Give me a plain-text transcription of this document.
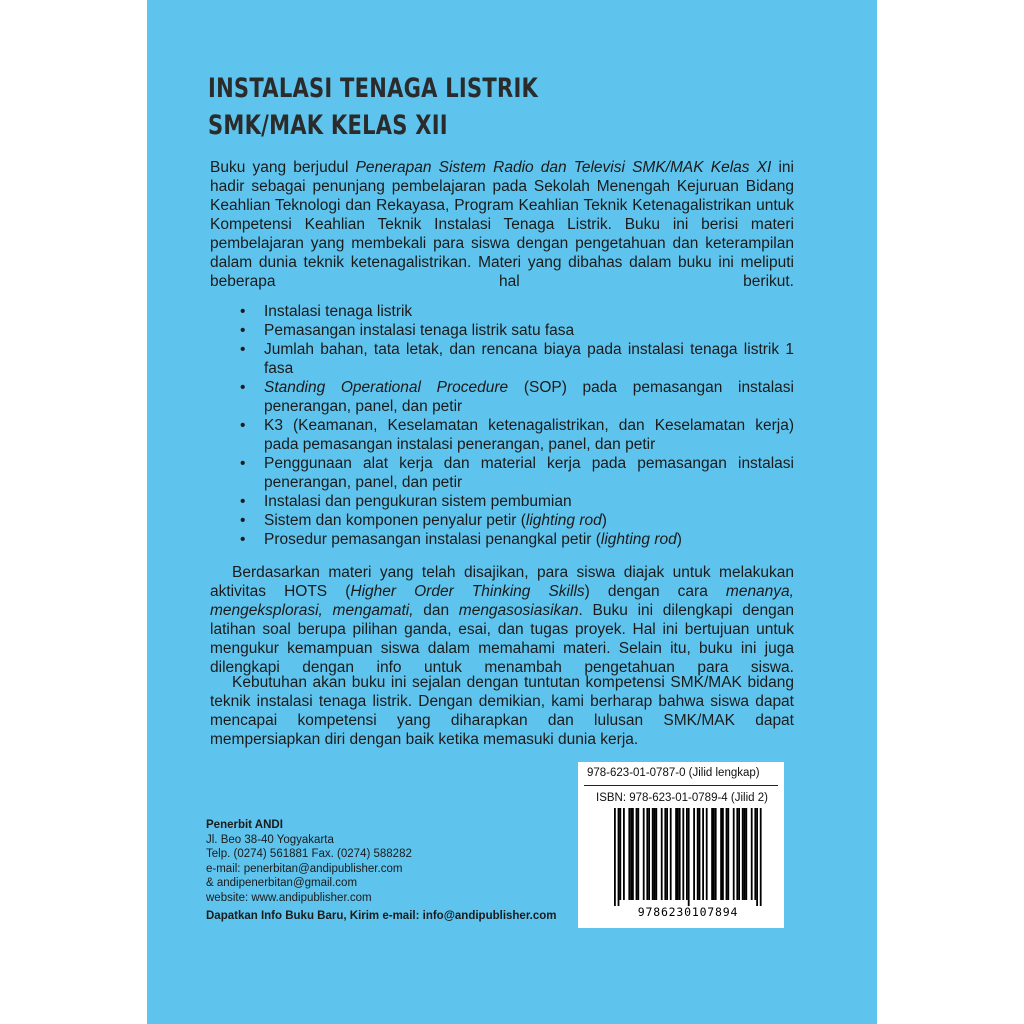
INSTALASI TENAGA LISTRIK
SMK/MAK KELAS XII

Buku yang berjudul Penerapan Sistem Radio dan Televisi SMK/MAK Kelas XI ini hadir sebagai penunjang pembelajaran pada Sekolah Menengah Kejuruan Bidang Keahlian Teknologi dan Rekayasa, Program Keahlian Teknik Ketenagalistrikan untuk Kompetensi Keahlian Teknik Instalasi Tenaga Listrik. Buku ini berisi materi pembelajaran yang membekali para siswa dengan pengetahuan dan keterampilan dalam dunia teknik ketenagalistrikan. Materi yang dibahas dalam buku ini meliputi beberapa hal berikut.

• Instalasi tenaga listrik
• Pemasangan instalasi tenaga listrik satu fasa
• Jumlah bahan, tata letak, dan rencana biaya pada instalasi tenaga listrik 1 fasa
• Standing Operational Procedure (SOP) pada pemasangan instalasi penerangan, panel, dan petir
• K3 (Keamanan, Keselamatan ketenagalistrikan, dan Keselamatan kerja) pada pemasangan instalasi penerangan, panel, dan petir
• Penggunaan alat kerja dan material kerja pada pemasangan instalasi penerangan, panel, dan petir
• Instalasi dan pengukuran sistem pembumian
• Sistem dan komponen penyalur petir (lighting rod)
• Prosedur pemasangan instalasi penangkal petir (lighting rod)

Berdasarkan materi yang telah disajikan, para siswa diajak untuk melakukan aktivitas HOTS (Higher Order Thinking Skills) dengan cara menanya, mengeksplorasi, mengamati, dan mengasosiasikan. Buku ini dilengkapi dengan latihan soal berupa pilihan ganda, esai, dan tugas proyek. Hal ini bertujuan untuk mengukur kemampuan siswa dalam memahami materi. Selain itu, buku ini juga dilengkapi dengan info untuk menambah pengetahuan para siswa.

Kebutuhan akan buku ini sejalan dengan tuntutan kompetensi SMK/MAK bidang teknik instalasi tenaga listrik. Dengan demikian, kami berharap bahwa siswa dapat mencapai kompetensi yang diharapkan dan lulusan SMK/MAK dapat mempersiapkan diri dengan baik ketika memasuki dunia kerja.

Penerbit ANDI
Jl. Beo 38-40 Yogyakarta
Telp. (0274) 561881 Fax. (0274) 588282
e-mail: penerbitan@andipublisher.com
& andipenerbitan@gmail.com
website: www.andipublisher.com
Dapatkan Info Buku Baru, Kirim e-mail: info@andipublisher.com
978-623-01-0787-0 (Jilid lengkap)
ISBN: 978-623-01-0789-4 (Jilid 2)
9786230107894
